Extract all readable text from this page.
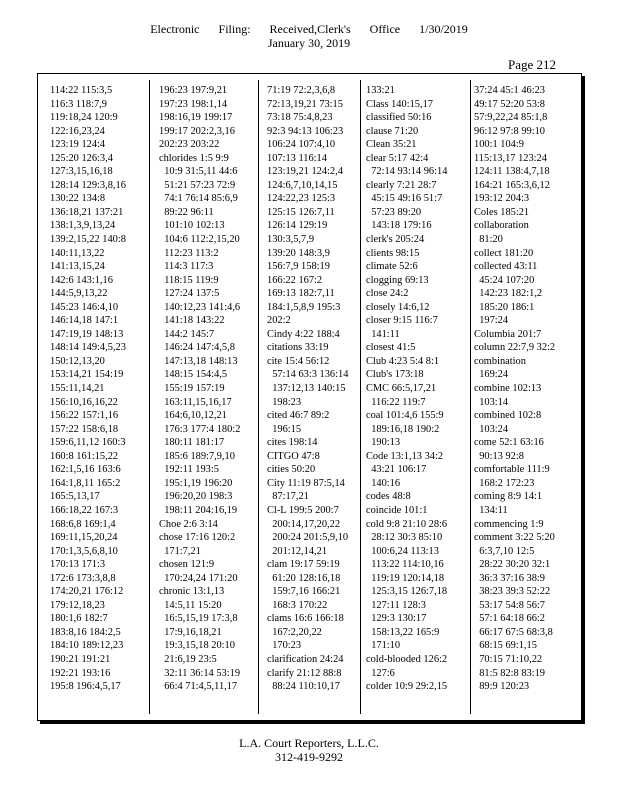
Electronic Filing: Received,Clerk's Office 1/30/2019
January 30, 2019
Page 212
114:22 115:3,5
116:3 118:7,9
119:18,24 120:9
122:16,23,24
123:19 124:4
125:20 126:3,4
127:3,15,16,18
128:14 129:3,8,16
130:22 134:8
136:18,21 137:21
138:1,3,9,13,24
139:2,15,22 140:8
140:11,13,22
141:13,15,24
142:6 143:1,16
144:5,9,13,22
145:23 146:4,10
146:14,18 147:1
147:19,19 148:13
148:14 149:4,5,23
150:12,13,20
153:14,21 154:19
155:11,14,21
156:10,16,16,22
156:22 157:1,16
157:22 158:6,18
159:6,11,12 160:3
160:8 161:15,22
162:1,5,16 163:6
164:1,8,11 165:2
165:5,13,17
166:18,22 167:3
168:6,8 169:1,4
169:11,15,20,24
170:1,3,5,6,8,10
170:13 171:3
172:6 173:3,8,8
174:20,21 176:12
179:12,18,23
180:1,6 182:7
183:8,16 184:2,5
184:10 189:12,23
190:21 191:21
192:21 193:16
195:8 196:4,5,17
196:23 197:9,21
197:23 198:1,14
198:16,19 199:17
199:17 202:2,3,16
202:23 203:22
chlorides 1:5 9:9
10:9 31:5,11 44:6
51:21 57:23 72:9
74:1 76:14 85:6,9
89:22 96:11
101:10 102:13
104:6 112:2,15,20
112:23 113:2
114:3 117:3
118:15 119:9
127:24 137:5
140:12,23 141:4,6
141:18 143:22
144:2 145:7
146:24 147:4,5,8
147:13,18 148:13
148:15 154:4,5
155:19 157:19
163:11,15,16,17
164:6,10,12,21
176:3 177:4 180:2
180:11 181:17
185:6 189:7,9,10
192:11 193:5
195:1,19 196:20
196:20,20 198:3
198:11 204:16,19
Choe 2:6 3:14
chose 17:16 120:2
171:7,21
chosen 121:9
170:24,24 171:20
chronic 13:1,13
14:5,11 15:20
16:5,15,19 17:3,8
17:9,16,18,21
19:3,15,18 20:10
21:6,19 23:5
32:11 36:14 53:19
66:4 71:4,5,11,17
71:19 72:2,3,6,8
72:13,19,21 73:15
73:18 75:4,8,23
92:3 94:13 106:23
106:24 107:4,10
107:13 116:14
123:19,21 124:2,4
124:6,7,10,14,15
124:22,23 125:3
125:15 126:7,11
126:14 129:19
130:3,5,7,9
139:20 148:3,9
156:7,9 158:19
166:22 167:2
169:13 182:7,11
184:1,5,8,9 195:3
202:2
Cindy 4:22 188:4
citations 33:19
cite 15:4 56:12
57:14 63:3 136:14
137:12,13 140:15
198:23
cited 46:7 89:2
196:15
cites 198:14
CITGO 47:8
cities 50:20
City 11:19 87:5,14
87:17,21
Cl-L 199:5 200:7
200:14,17,20,22
200:24 201:5,9,10
201:12,14,21
clam 19:17 59:19
61:20 128:16,18
159:7,16 166:21
168:3 170:22
clams 16:6 166:18
167:2,20,22
170:23
clarification 24:24
clarify 21:12 88:8
88:24 110:10,17
133:21
Class 140:15,17
classified 50:16
clause 71:20
Clean 35:21
clear 5:17 42:4
72:14 93:14 96:14
clearly 7:21 28:7
45:15 49:16 51:7
57:23 89:20
143:18 179:16
clerk's 205:24
clients 98:15
climate 52:6
clogging 69:13
close 24:2
closely 14:6,12
closer 9:15 116:7
141:11
closest 41:5
Club 4:23 5:4 8:1
Club's 173:18
CMC 66:5,17,21
116:22 119:7
coal 101:4,6 155:9
189:16,18 190:2
190:13
Code 13:1,13 34:2
43:21 106:17
140:16
codes 48:8
coincide 101:1
cold 9:8 21:10 28:6
28:12 30:3 85:10
100:6,24 113:13
113:22 114:10,16
119:19 120:14,18
125:3,15 126:7,18
127:11 128:3
129:3 130:17
158:13,22 165:9
171:10
cold-blooded 126:2
127:6
colder 10:9 29:2,15
37:24 45:1 46:23
49:17 52:20 53:8
57:9,22,24 85:1,8
96:12 97:8 99:10
100:1 104:9
115:13,17 123:24
124:11 138:4,7,18
164:21 165:3,6,12
193:12 204:3
Coles 185:21
collaboration
81:20
collect 181:20
collected 43:11
45:24 107:20
142:23 182:1,2
185:20 186:1
197:24
Columbia 201:7
column 22:7,9 32:2
combination
169:24
combine 102:13
103:14
combined 102:8
103:24
come 52:1 63:16
90:13 92:8
comfortable 111:9
168:2 172:23
coming 8:9 14:1
134:11
commencing 1:9
comment 3:22 5:20
6:3,7,10 12:5
28:22 30:20 32:1
36:3 37:16 38:9
38:23 39:3 52:22
53:17 54:8 56:7
57:1 64:18 66:2
66:17 67:5 68:3,8
68:15 69:1,15
70:15 71:10,22
81:5 82:8 83:19
89:9 120:23
L.A. Court Reporters, L.L.C.
312-419-9292
